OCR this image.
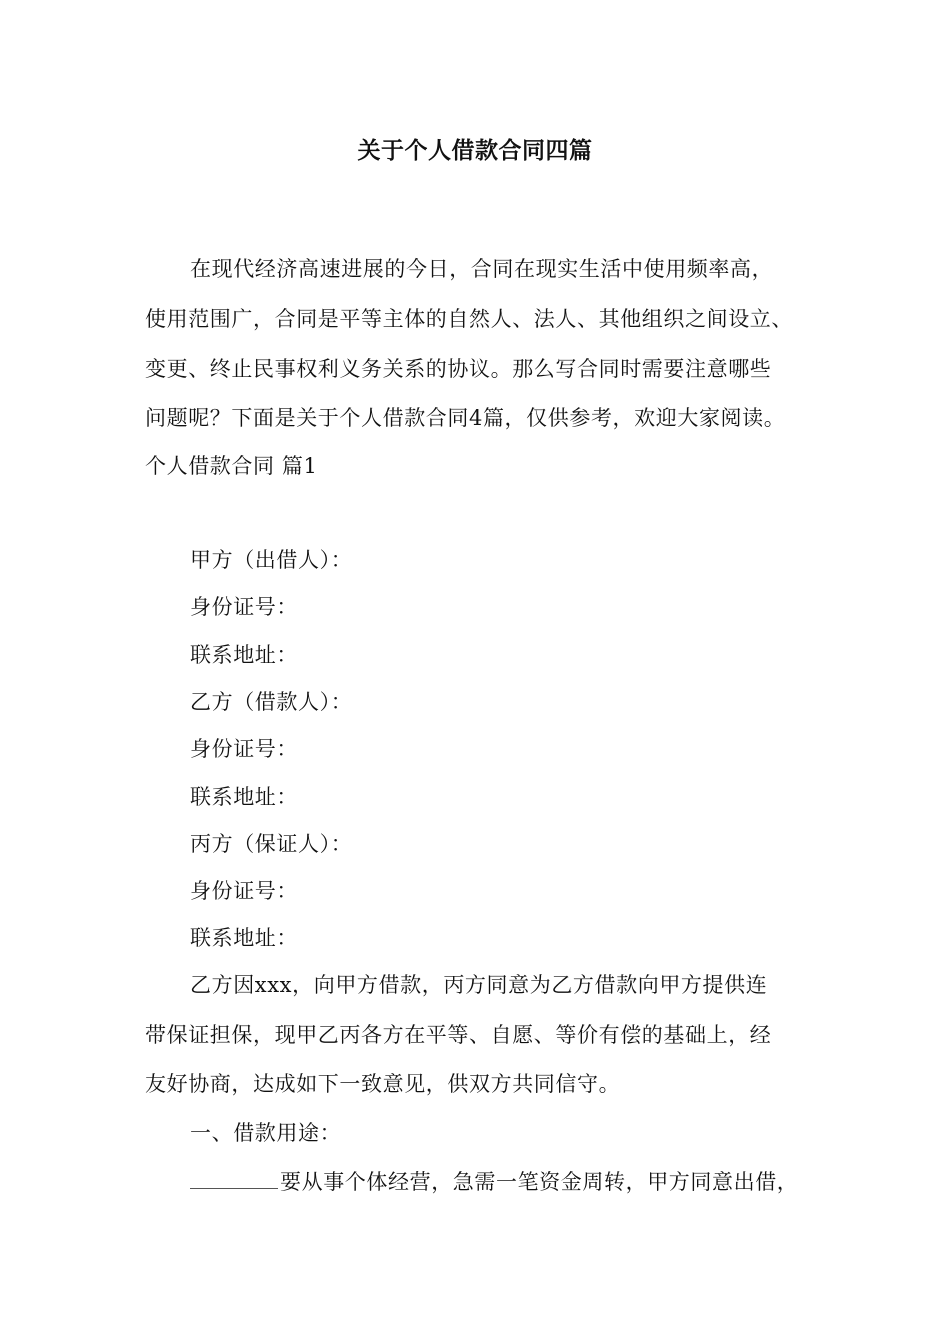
关于个人借款合同四篇
在现代经济高速进展的今日，合同在现实生活中使用频率高，
使用范围广，合同是平等主体的自然人、法人、其他组织之间设立、
变更、终止民事权利义务关系的协议。那么写合同时需要注意哪些
问题呢？下面是关于个人借款合同4篇，仅供参考，欢迎大家阅读。
个人借款合同 篇1
甲方（出借人）：
身份证号：
联系地址：
乙方（借款人）：
身份证号：
联系地址：
丙方（保证人）：
身份证号：
联系地址：
乙方因xxx，向甲方借款，丙方同意为乙方借款向甲方提供连
带保证担保，现甲乙丙各方在平等、自愿、等价有偿的基础上，经
友好协商，达成如下一致意见，供双方共同信守。
一、借款用途：
要从事个体经营，急需一笔资金周转，甲方同意出借，
